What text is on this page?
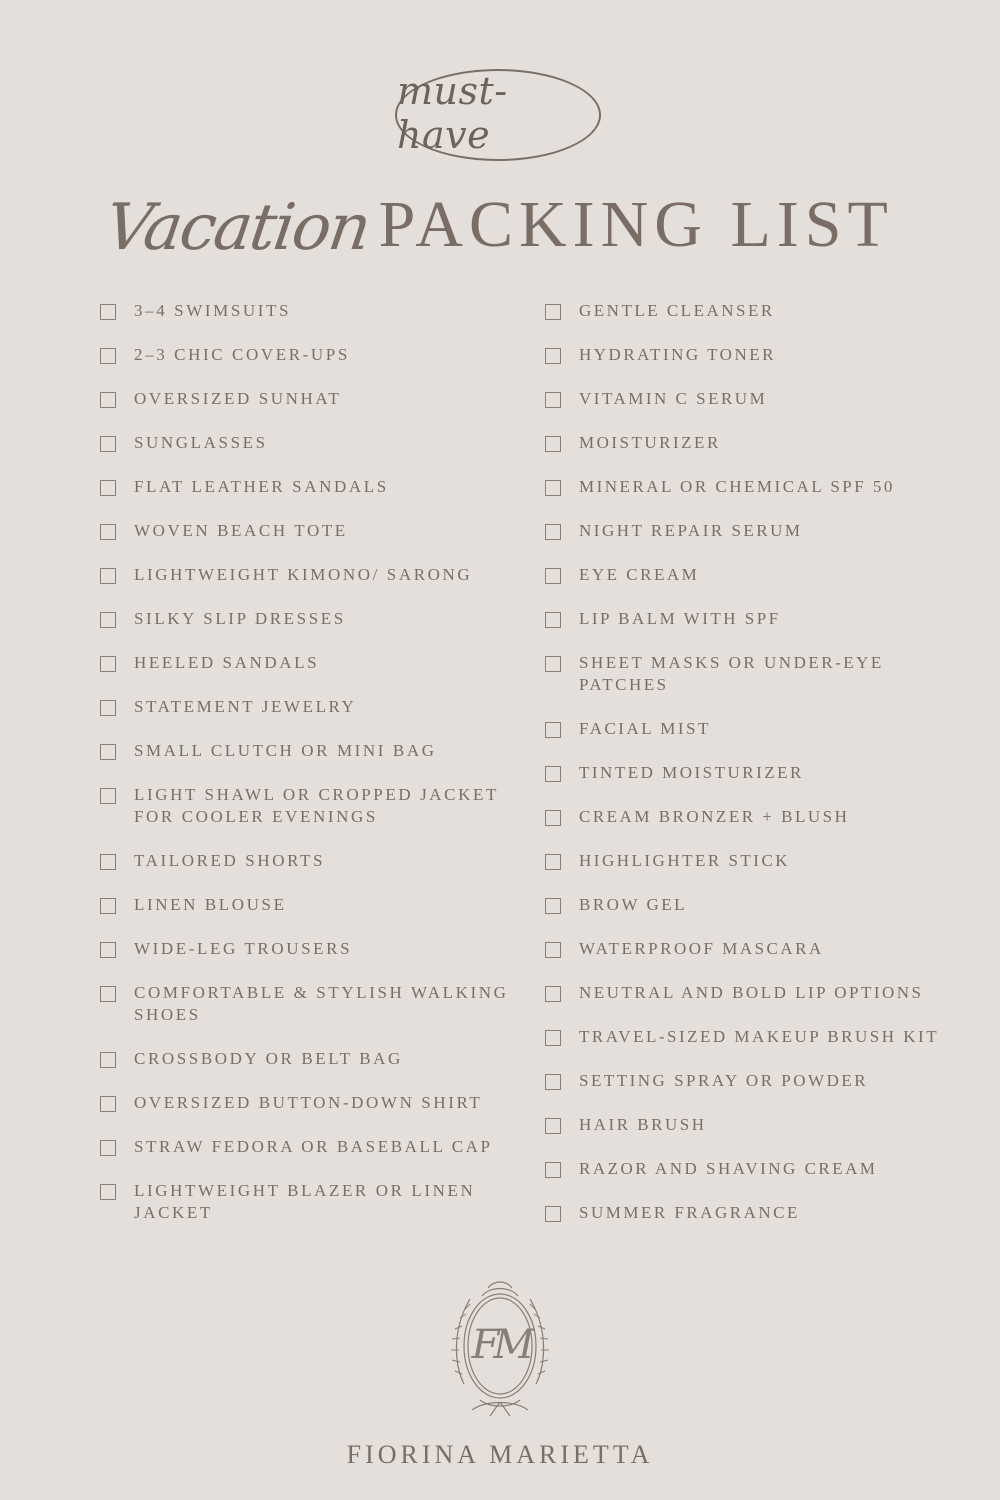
must-have
Vacation PACKING LIST
3–4 SWIMSUITS
2–3 CHIC COVER-UPS
OVERSIZED SUNHAT
SUNGLASSES
FLAT LEATHER SANDALS
WOVEN BEACH TOTE
LIGHTWEIGHT KIMONO/ SARONG
SILKY SLIP DRESSES
HEELED SANDALS
STATEMENT JEWELRY
SMALL CLUTCH OR MINI BAG
LIGHT SHAWL OR CROPPED JACKET FOR COOLER EVENINGS
TAILORED SHORTS
LINEN BLOUSE
WIDE-LEG TROUSERS
COMFORTABLE & STYLISH WALKING SHOES
CROSSBODY OR BELT BAG
OVERSIZED BUTTON-DOWN SHIRT
STRAW FEDORA OR BASEBALL CAP
LIGHTWEIGHT BLAZER OR LINEN JACKET
GENTLE CLEANSER
HYDRATING TONER
VITAMIN C SERUM
MOISTURIZER
MINERAL OR CHEMICAL SPF 50
NIGHT REPAIR SERUM
EYE CREAM
LIP BALM WITH SPF
SHEET MASKS OR UNDER-EYE PATCHES
FACIAL MIST
TINTED MOISTURIZER
CREAM BRONZER + BLUSH
HIGHLIGHTER STICK
BROW GEL
WATERPROOF MASCARA
NEUTRAL AND BOLD LIP OPTIONS
TRAVEL-SIZED MAKEUP BRUSH KIT
SETTING SPRAY OR POWDER
HAIR BRUSH
RAZOR AND SHAVING CREAM
SUMMER FRAGRANCE
FM
FIORINA MARIETTA
